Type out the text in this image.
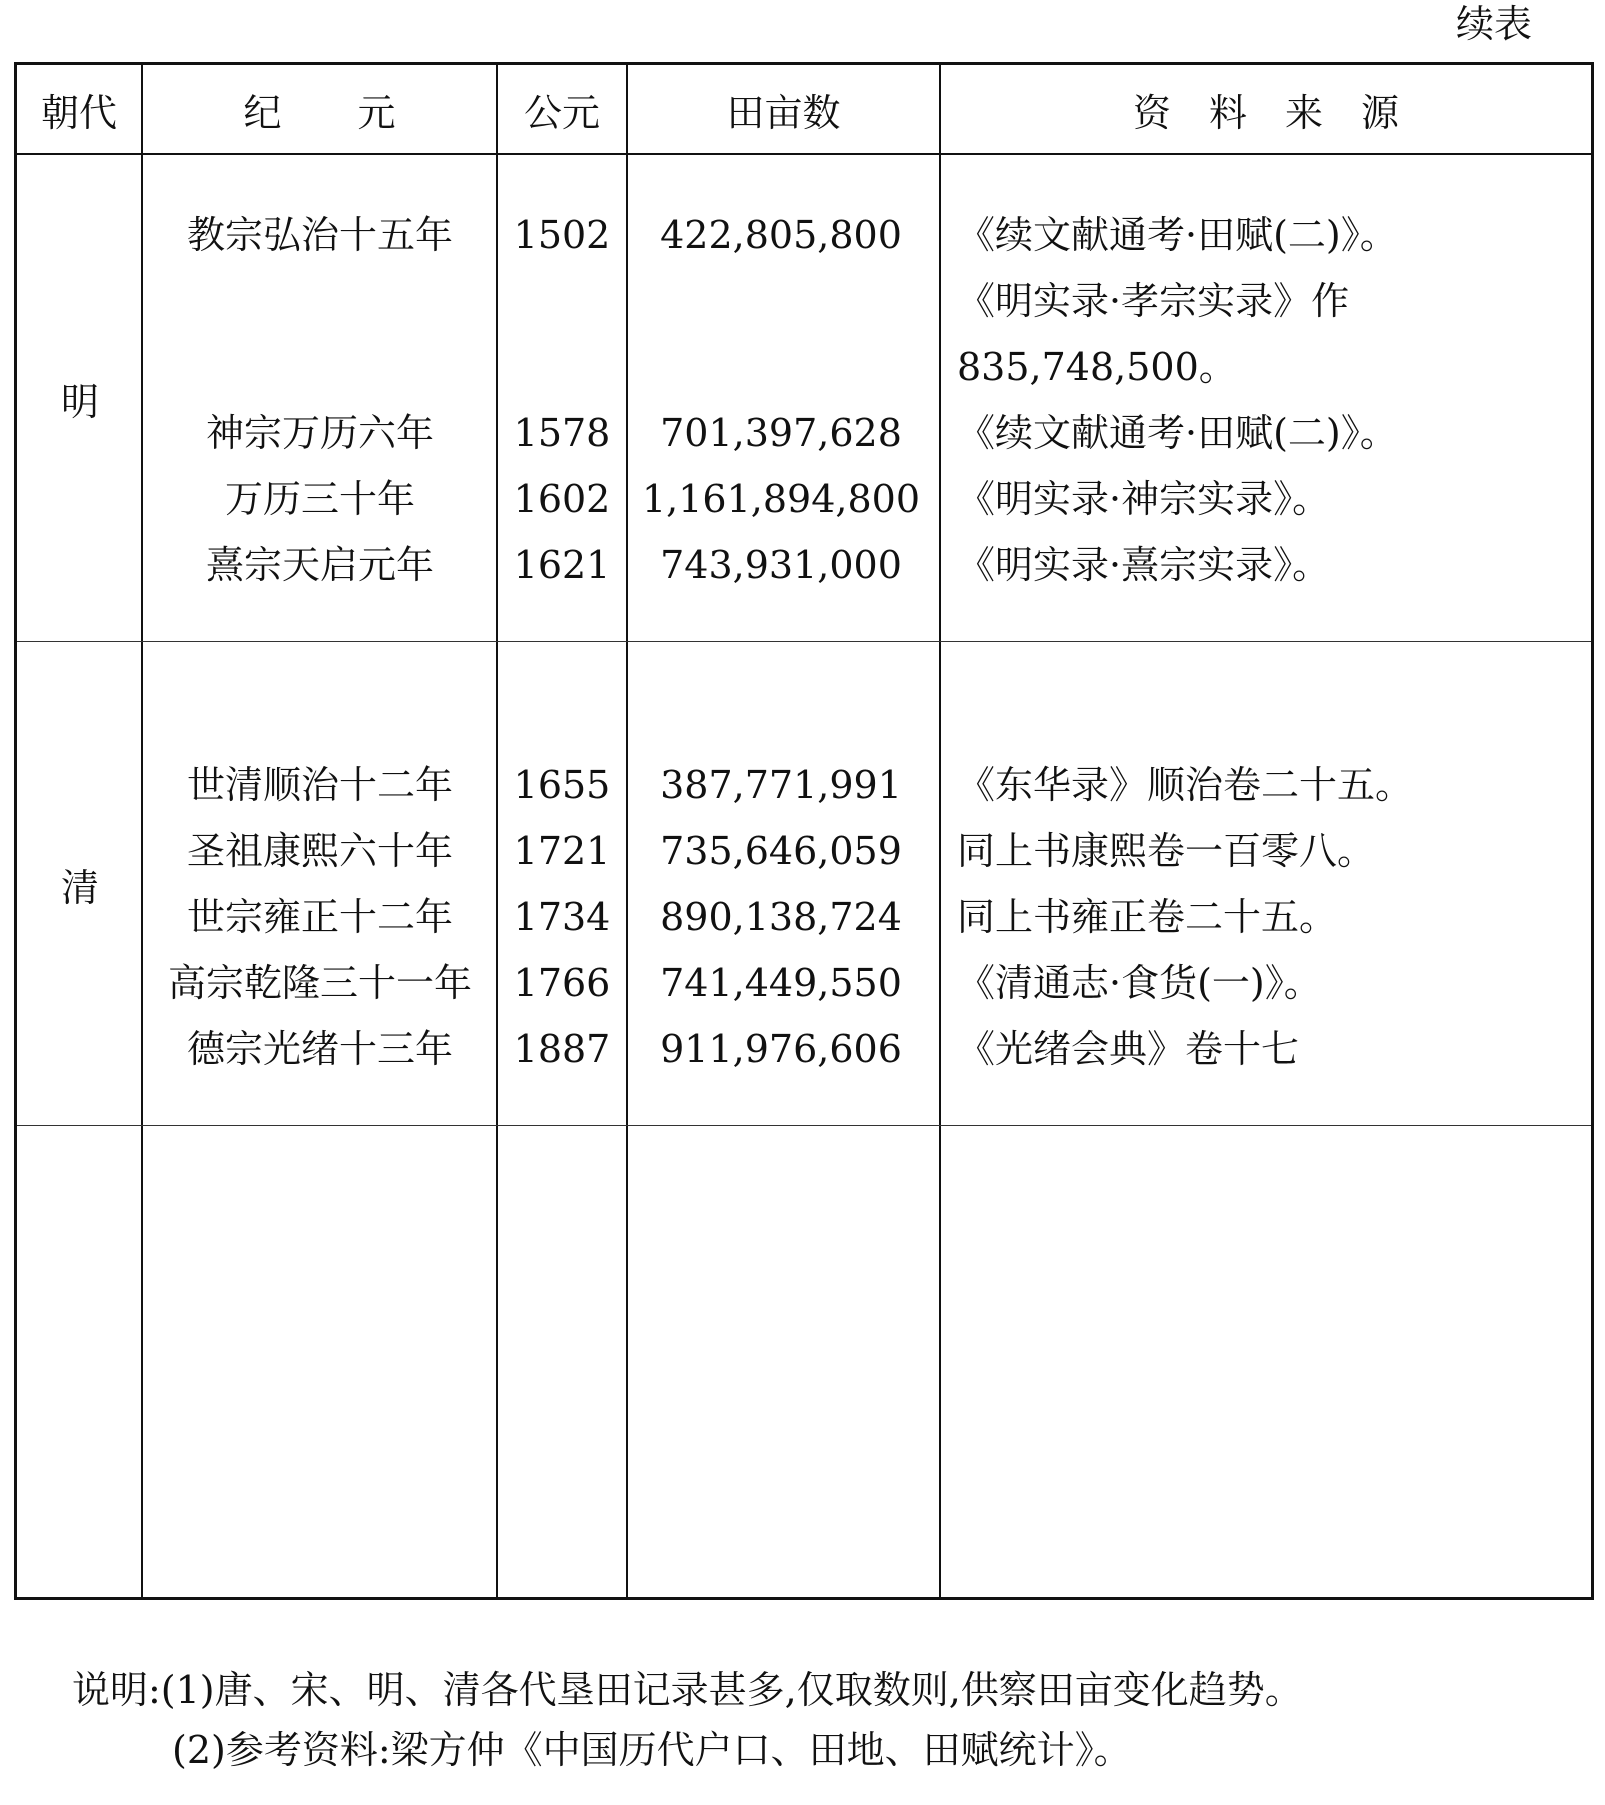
续表
朝代	纪　　元	公元	田亩数	资　料　来　源
明
清
教宗弘治十五年	1502	422,805,800	《续文献通考·田赋(二)》。
《明实录·孝宗实录》作
835,748,500。
神宗万历六年	1578	701,397,628	《续文献通考·田赋(二)》。
万历三十年	1602 1,161,894,800 《明实录·神宗实录》。
熹宗天启元年	1621	743,931,000	《明实录·熹宗实录》。
世清顺治十二年	1655	387,771,991	《东华录》顺治卷二十五。
圣祖康熙六十年	1721	735,646,059	同上书康熙卷一百零八。
世宗雍正十二年	1734	890,138,724	同上书雍正卷二十五。
高宗乾隆三十一年	1766	741,449,550	《清通志·食货(一)》。
德宗光绪十三年	1887	911,976,606	《光绪会典》卷十七
说明:(1)唐、宋、明、清各代垦田记录甚多,仅取数则,供察田亩变化趋势。
(2)参考资料:梁方仲《中国历代户口、田地、田赋统计》。
